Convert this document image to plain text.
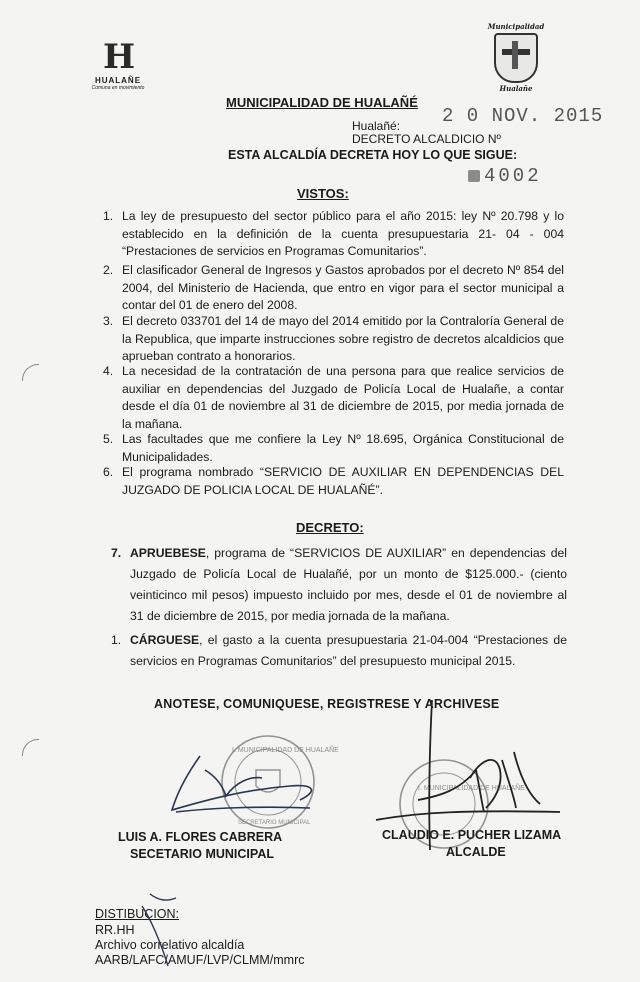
H
HUALAÑE
Comuna en movimiento
Municipalidad
Hualañe
MUNICIPALIDAD DE HUALAÑÉ
2 0 NOV. 2015
Hualañé:
DECRETO ALCALDICIO Nº
ESTA ALCALDÍA DECRETA HOY LO QUE SIGUE:
4002
VISTOS:
1. La ley de presupuesto del sector público para el año 2015: ley Nº 20.798 y lo establecido en la definición de la cuenta presupuestaria 21- 04 - 004 “Prestaciones de servicios en Programas Comunitarios”.
2. El clasificador General de Ingresos y Gastos aprobados por el decreto Nº 854 del 2004, del Ministerio de Hacienda, que entro en vigor para el sector municipal a contar del 01 de enero del 2008.
3. El decreto 033701 del 14 de mayo del 2014 emitido por la Contraloría General de la Republica, que imparte instrucciones sobre registro de decretos alcaldicios que aprueban contrato a honorarios.
4. La necesidad de la contratación de una persona para que realice servicios de auxiliar en dependencias del Juzgado de Policía Local de Hualañe, a contar desde el día 01 de noviembre al 31 de diciembre de 2015, por media jornada de la mañana.
5. Las facultades que me confiere la Ley Nº 18.695, Orgánica Constitucional de Municipalidades.
6. El programa nombrado “SERVICIO DE AUXILIAR EN DEPENDENCIAS DEL JUZGADO DE POLICIA LOCAL DE HUALAÑÉ”.
DECRETO:
7. APRUEBESE, programa de “SERVICIOS DE AUXILIAR” en dependencias del Juzgado de Policía Local de Hualañé, por un monto de $125.000.- (ciento veinticinco mil pesos) impuesto incluido por mes, desde el 01 de noviembre al 31 de diciembre de 2015, por media jornada de la mañana.
1. CÁRGUESE, el gasto a la cuenta presupuestaria 21-04-004 “Prestaciones de servicios en Programas Comunitarios” del presupuesto municipal 2015.
ANOTESE, COMUNIQUESE, REGISTRESE Y ARCHIVESE
LUIS A. FLORES CABRERA
SECETARIO MUNICIPAL
CLAUDIO E. PUCHER LIZAMA
ALCALDE
DISTIBUCION:
RR.HH
Archivo correlativo alcaldía
AARB/LAFC/AMUF/LVP/CLMM/mmrc
I. MUNICIPALIDAD DE HUALAÑE
SECRETARIO MUNICIPAL
I. MUNICIPALIDAD DE HUALAÑE
